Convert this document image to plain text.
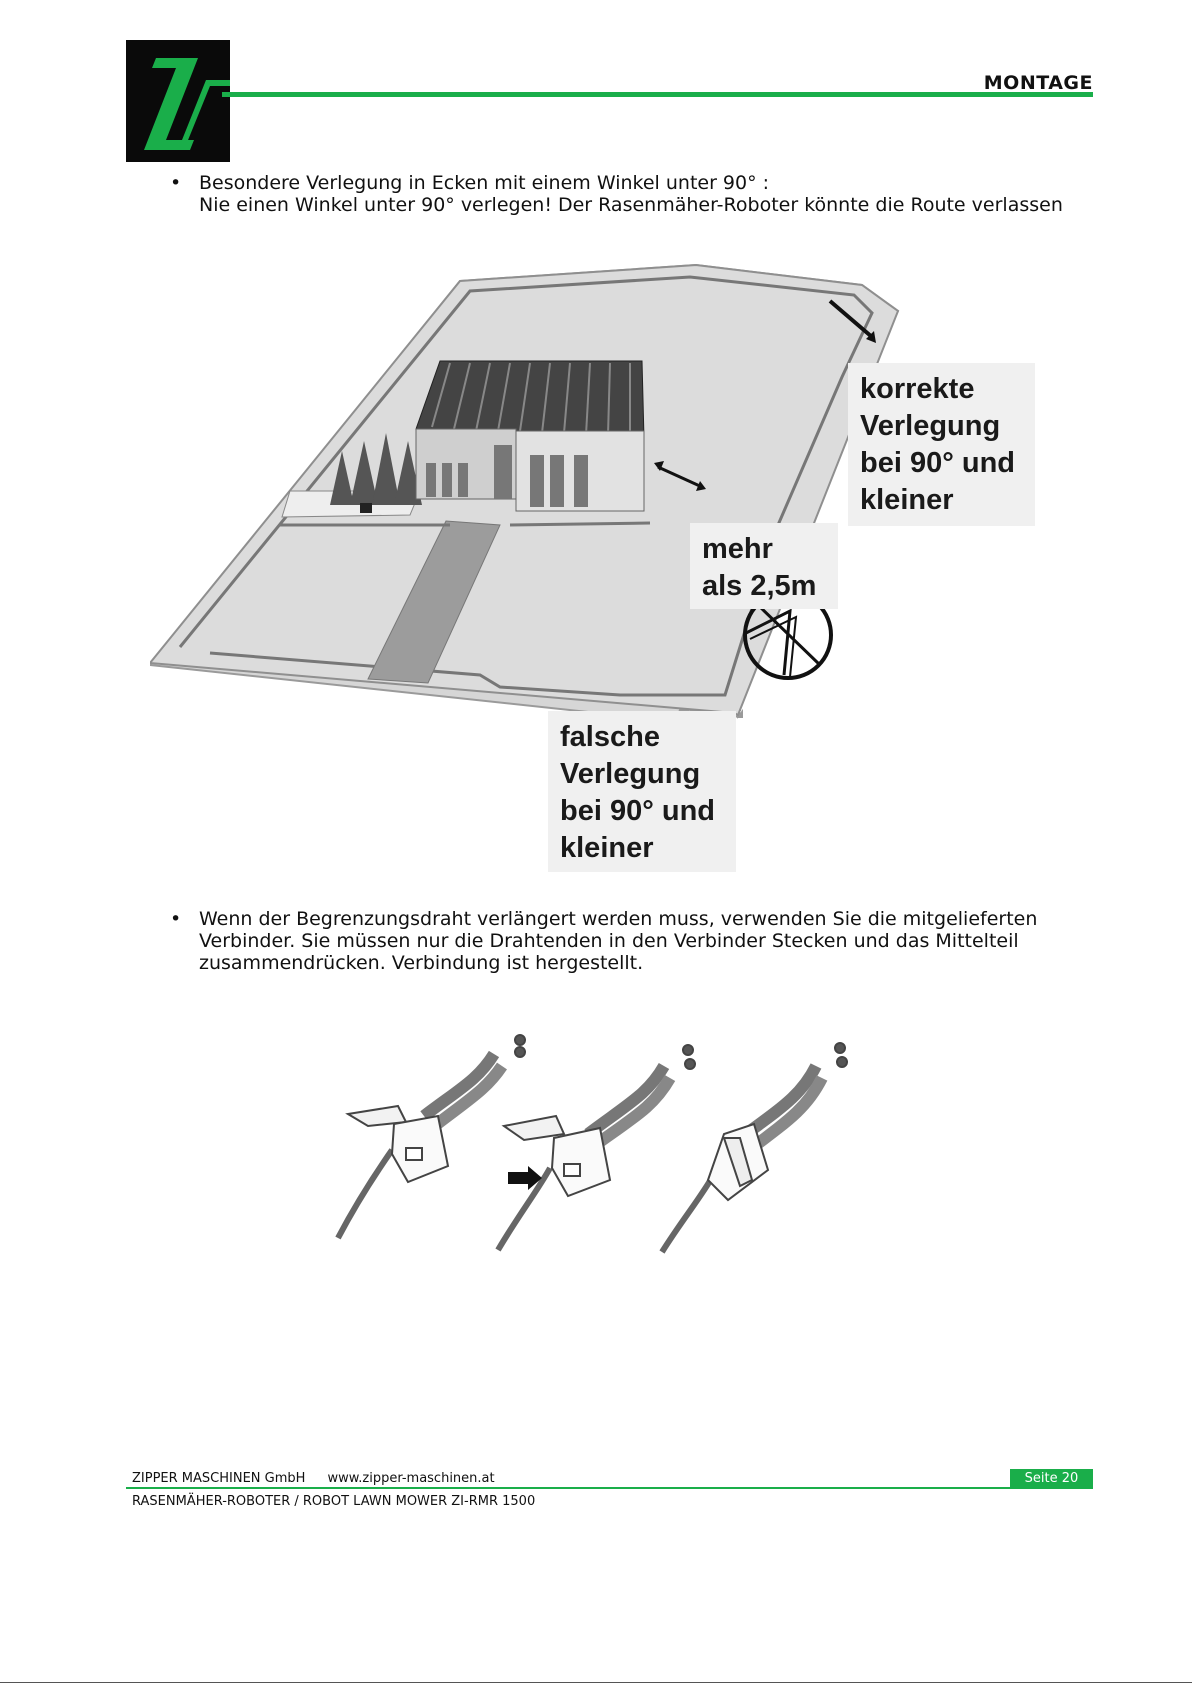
MONTAGE
• Besondere Verlegung in Ecken mit einem Winkel unter 90° :
Nie einen Winkel unter 90° verlegen! Der Rasenmäher-Roboter könnte die Route verlassen
korrekte
Verlegung
bei 90° und
kleiner
mehr
als 2,5m
falsche
Verlegung
bei 90° und
kleiner
• Wenn der Begrenzungsdraht verlängert werden muss, verwenden Sie die mitgelieferten
Verbinder. Sie müssen nur die Drahtenden in den Verbinder Stecken und das Mittelteil
zusammendrücken. Verbindung ist hergestellt.
ZIPPER MASCHINEN GmbH www.zipper-maschinen.at	Seite 20
RASENMÄHER-ROBOTER / ROBOT LAWN MOWER ZI-RMR 1500
